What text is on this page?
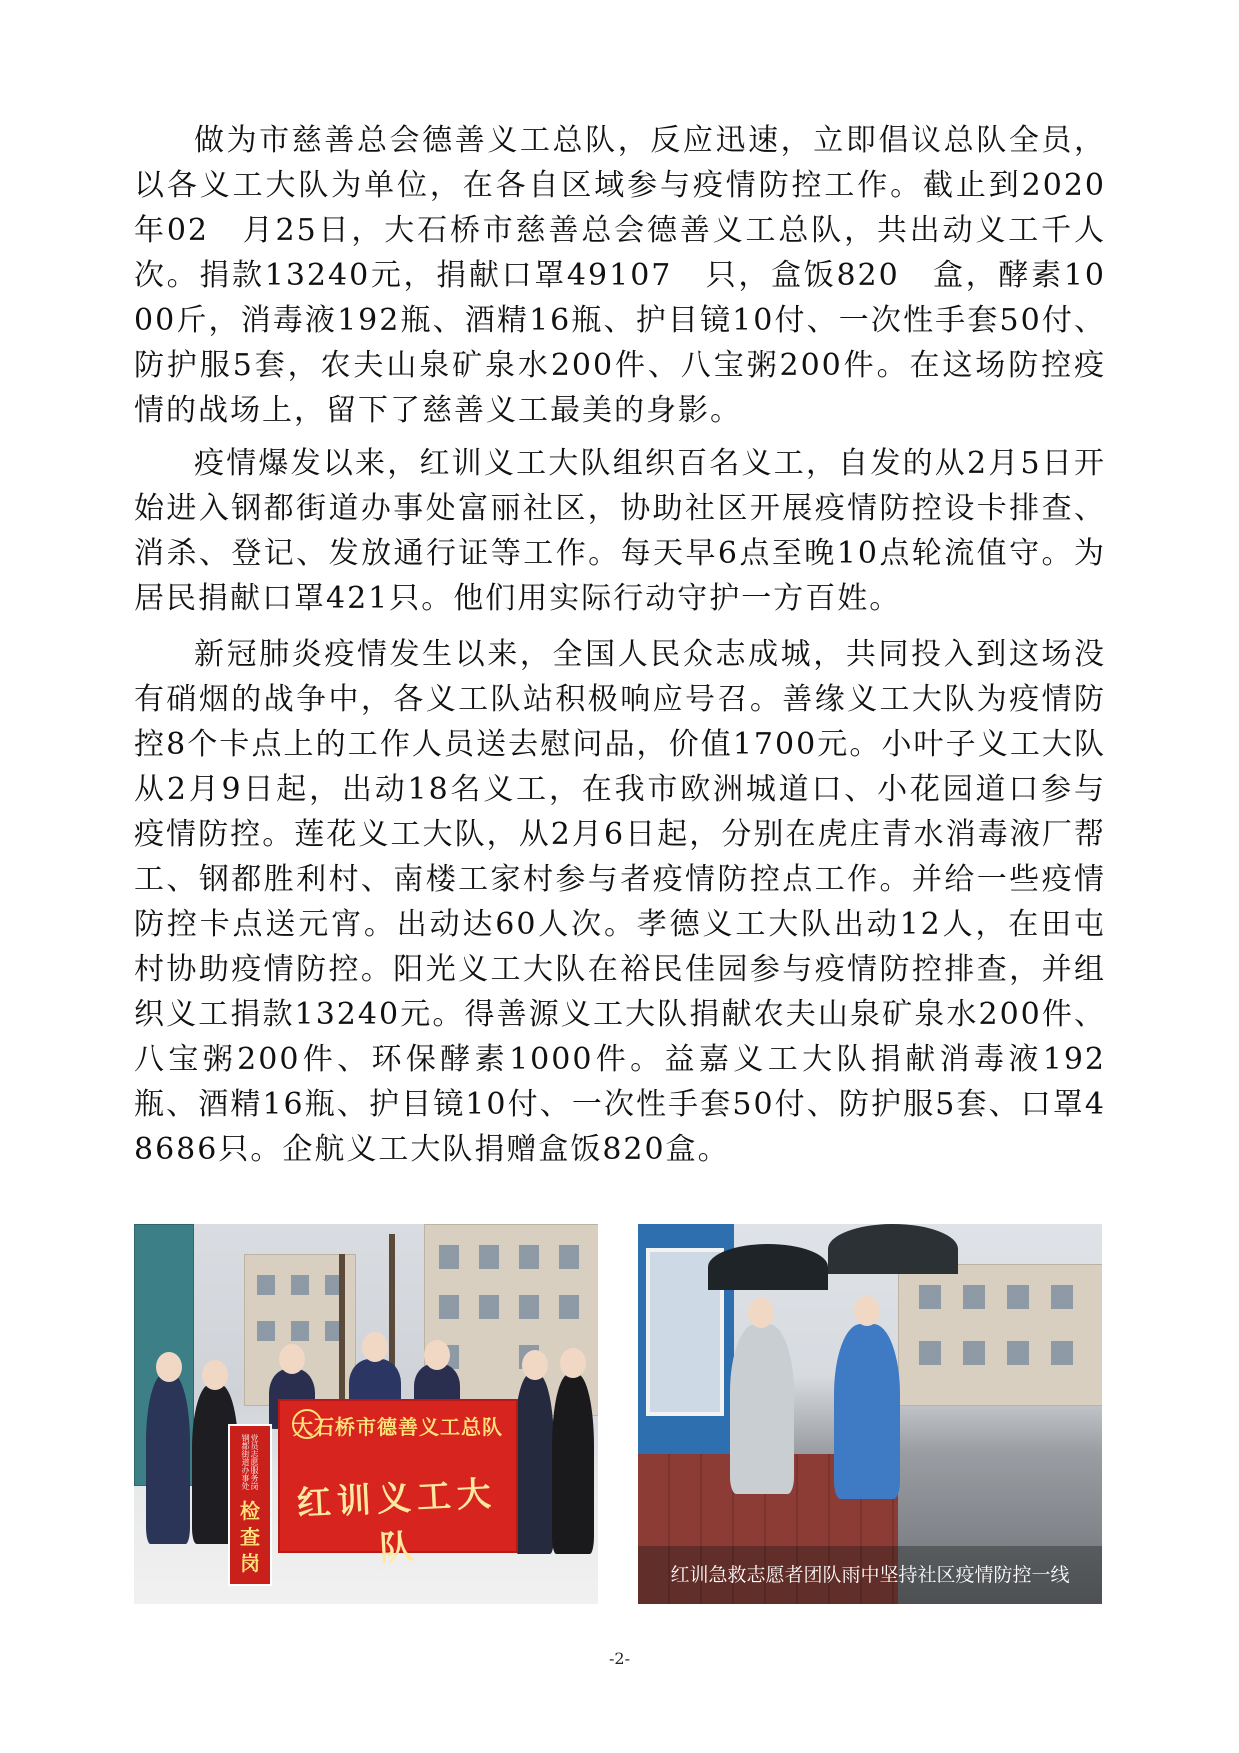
做为市慈善总会德善义工总队，反应迅速，立即倡议总队全员，以各义工大队为单位，在各自区域参与疫情防控工作。截止到2020年02　月25日，大石桥市慈善总会德善义工总队，共出动义工千人次。捐款13240元，捐献口罩49107　只，盒饭820　盒，酵素1000斤，消毒液192瓶、酒精16瓶、护目镜10付、一次性手套50付、防护服5套，农夫山泉矿泉水200件、八宝粥200件。在这场防控疫情的战场上，留下了慈善义工最美的身影。

疫情爆发以来，红训义工大队组织百名义工，自发的从2月5日开始进入钢都街道办事处富丽社区，协助社区开展疫情防控设卡排查、消杀、登记、发放通行证等工作。每天早6点至晚10点轮流值守。为居民捐献口罩421只。他们用实际行动守护一方百姓。

新冠肺炎疫情发生以来，全国人民众志成城，共同投入到这场没有硝烟的战争中，各义工队站积极响应号召。善缘义工大队为疫情防控8个卡点上的工作人员送去慰问品，价值1700元。小叶子义工大队从2月9日起，出动18名义工，在我市欧洲城道口、小花园道口参与疫情防控。莲花义工大队，从2月6日起，分别在虎庄青水消毒液厂帮工、钢都胜利村、南楼工家村参与者疫情防控点工作。并给一些疫情防控卡点送元宵。出动达60人次。孝德义工大队出动12人，在田屯村协助疫情防控。阳光义工大队在裕民佳园参与疫情防控排查，并组织义工捐款13240元。得善源义工大队捐献农夫山泉矿泉水200件、八宝粥200件、环保酵素1000件。益嘉义工大队捐献消毒液192瓶、酒精16瓶、护目镜10付、一次性手套50付、防护服5套、口罩48686只。企航义工大队捐赠盒饭820盒。

大石桥市德善义工总队
红训义工大队
党员志愿服务岗 钢都街道办事处
检查岗	红训急救志愿者团队雨中坚持社区疫情防控一线
-2-
